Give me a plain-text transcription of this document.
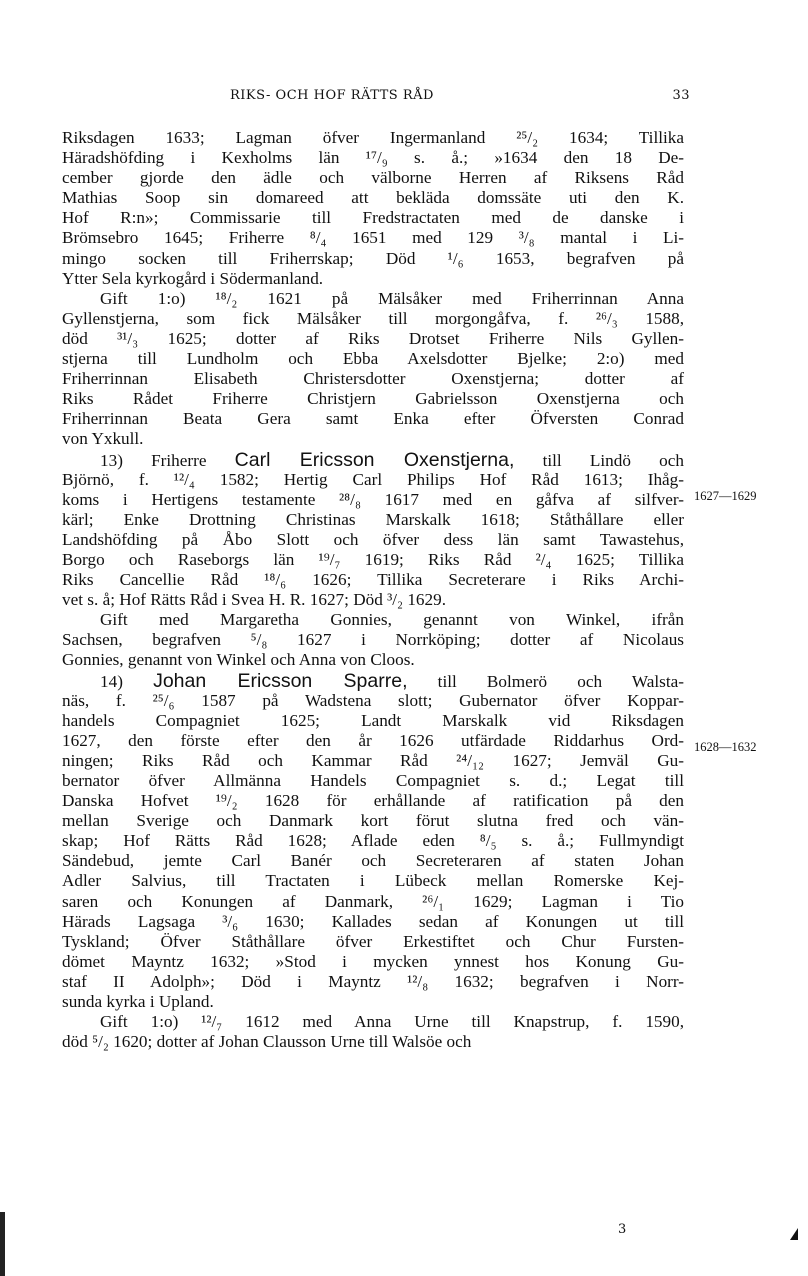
RIKS- OCH HOF RÄTTS RÅD	33
Riksdagen 1633; Lagman öfver Ingermanland ²⁵/₂ 1634; Tillika
Häradshöfding i Kexholms län ¹⁷/₉ s. å.; »1634 den 18 De-
cember gjorde den ädle och välborne Herren af Riksens Råd
Mathias Soop sin domareed att bekläda domssäte uti den K.
Hof R:n»; Commissarie till Fredstractaten med de danske i
Brömsebro 1645; Friherre ⁸/₄ 1651 med 129 ³/₈ mantal i Li-
mingo socken till Friherrskap; Död ¹/₆ 1653, begrafven på
Ytter Sela kyrkogård i Södermanland.
Gift 1:o) ¹⁸/₂ 1621 på Mälsåker med Friherrinnan Anna
Gyllenstjerna, som fick Mälsåker till morgongåfva, f. ²⁶/₃ 1588,
död ³¹/₃ 1625; dotter af Riks Drotset Friherre Nils Gyllen-
stjerna till Lundholm och Ebba Axelsdotter Bjelke; 2:o) med
Friherrinnan Elisabeth Christersdotter Oxenstjerna; dotter af
Riks Rådet Friherre Christjern Gabrielsson Oxenstjerna och
Friherrinnan Beata Gera samt Enka efter Öfversten Conrad
von Yxkull.
13) Friherre Carl Ericsson Oxenstjerna, till Lindö och
Björnö, f. ¹²/₄ 1582; Hertig Carl Philips Hof Råd 1613; Ihåg-
koms i Hertigens testamente ²⁸/₈ 1617 med en gåfva af silfver-
kärl; Enke Drottning Christinas Marskalk 1618; Ståthållare eller
Landshöfding på Åbo Slott och öfver dess län samt Tawastehus,
Borgo och Raseborgs län ¹⁹/₇ 1619; Riks Råd ²/₄ 1625; Tillika
Riks Cancellie Råd ¹⁸/₆ 1626; Tillika Secreterare i Riks Archi-
vet s. å; Hof Rätts Råd i Svea H. R. 1627; Död ³/₂ 1629.
Gift med Margaretha Gonnies, genannt von Winkel, ifrån
Sachsen, begrafven ⁵/₈ 1627 i Norrköping; dotter af Nicolaus
Gonnies, genannt von Winkel och Anna von Cloos.
14) Johan Ericsson Sparre, till Bolmerö och Walsta-
näs, f. ²⁵/₆ 1587 på Wadstena slott; Gubernator öfver Koppar-
handels Compagniet 1625; Landt Marskalk vid Riksdagen
1627, den förste efter den år 1626 utfärdade Riddarhus Ord-
ningen; Riks Råd och Kammar Råd ²⁴/₁₂ 1627; Jemväl Gu-
bernator öfver Allmänna Handels Compagniet s. d.; Legat till
Danska Hofvet ¹⁹/₂ 1628 för erhållande af ratification på den
mellan Sverige och Danmark kort förut slutna fred och vän-
skap; Hof Rätts Råd 1628; Aflade eden ⁸/₅ s. å.; Fullmyndigt
Sändebud, jemte Carl Banér och Secreteraren af staten Johan
Adler Salvius, till Tractaten i Lübeck mellan Romerske Kej-
saren och Konungen af Danmark, ²⁶/₁ 1629; Lagman i Tio
Härads Lagsaga ³/₆ 1630; Kallades sedan af Konungen ut till
Tyskland; Öfver Ståthållare öfver Erkestiftet och Chur Fursten-
dömet Mayntz 1632; »Stod i mycken ynnest hos Konung Gu-
staf II Adolph»; Död i Mayntz ¹²/₈ 1632; begrafven i Norr-
sunda kyrka i Upland.
Gift 1:o) ¹²/₇ 1612 med Anna Urne till Knapstrup, f. 1590,
död ⁵/₂ 1620; dotter af Johan Clausson Urne till Walsöe och
1627—1629
1628—1632
3
